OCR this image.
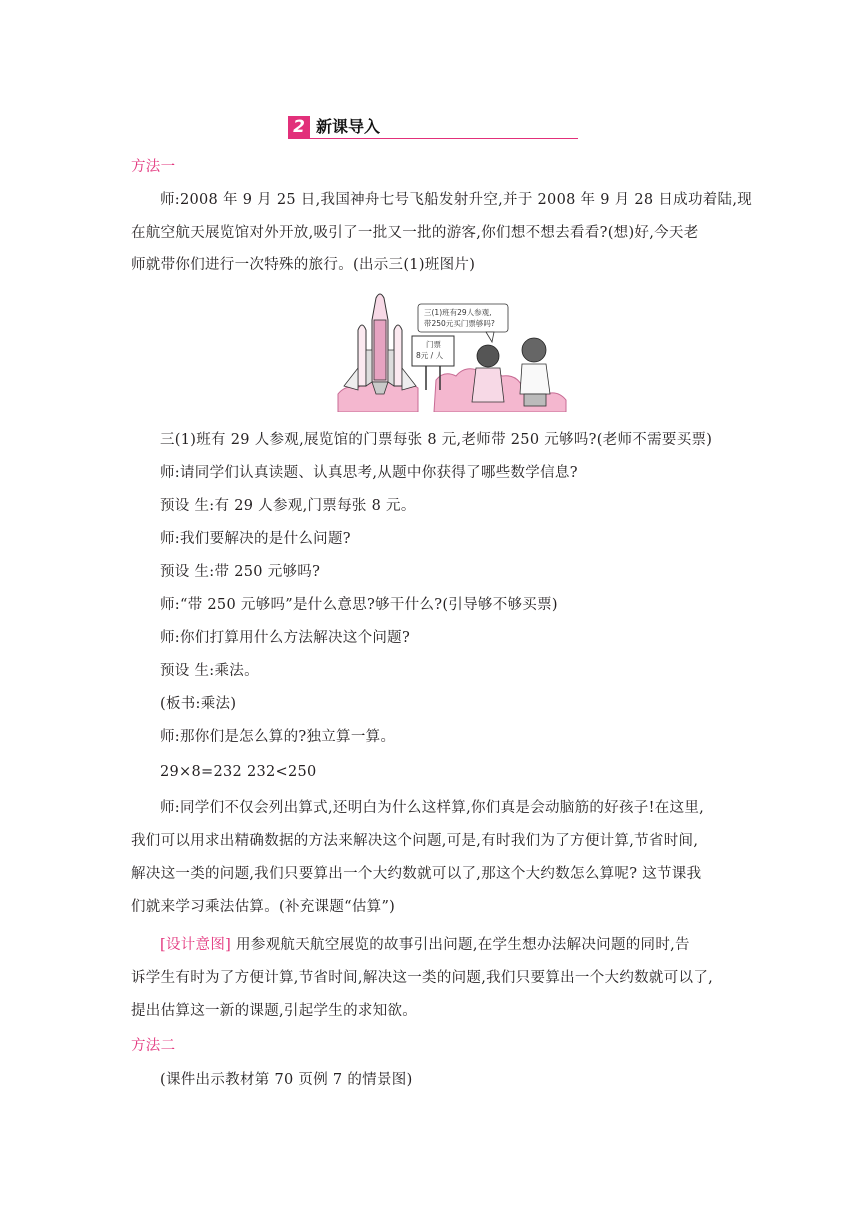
2 新课导入
方法一
师:2008 年 9 月 25 日,我国神舟七号飞船发射升空,并于 2008 年 9 月 28 日成功着陆,现
在航空航天展览馆对外开放,吸引了一批又一批的游客,你们想不想去看看?(想)好,今天老
师就带你们进行一次特殊的旅行。(出示三(1)班图片)
三(1)班有29人参观,
带250元买门票够吗?
门票
8元 / 人
三(1)班有 29 人参观,展览馆的门票每张 8 元,老师带 250 元够吗?(老师不需要买票)
师:请同学们认真读题、认真思考,从题中你获得了哪些数学信息?
预设 生:有 29 人参观,门票每张 8 元。
师:我们要解决的是什么问题?
预设 生:带 250 元够吗?
师:“带 250 元够吗”是什么意思?够干什么?(引导够不够买票)
师:你们打算用什么方法解决这个问题?
预设 生:乘法。
(板书:乘法)
师:那你们是怎么算的?独立算一算。
29×8=232 232<250
师:同学们不仅会列出算式,还明白为什么这样算,你们真是会动脑筋的好孩子!在这里,
我们可以用求出精确数据的方法来解决这个问题,可是,有时我们为了方便计算,节省时间,
解决这一类的问题,我们只要算出一个大约数就可以了,那这个大约数怎么算呢? 这节课我
们就来学习乘法估算。(补充课题“估算”)
[设计意图] 用参观航天航空展览的故事引出问题,在学生想办法解决问题的同时,告
诉学生有时为了方便计算,节省时间,解决这一类的问题,我们只要算出一个大约数就可以了,
提出估算这一新的课题,引起学生的求知欲。
方法二
(课件出示教材第 70 页例 7 的情景图)
